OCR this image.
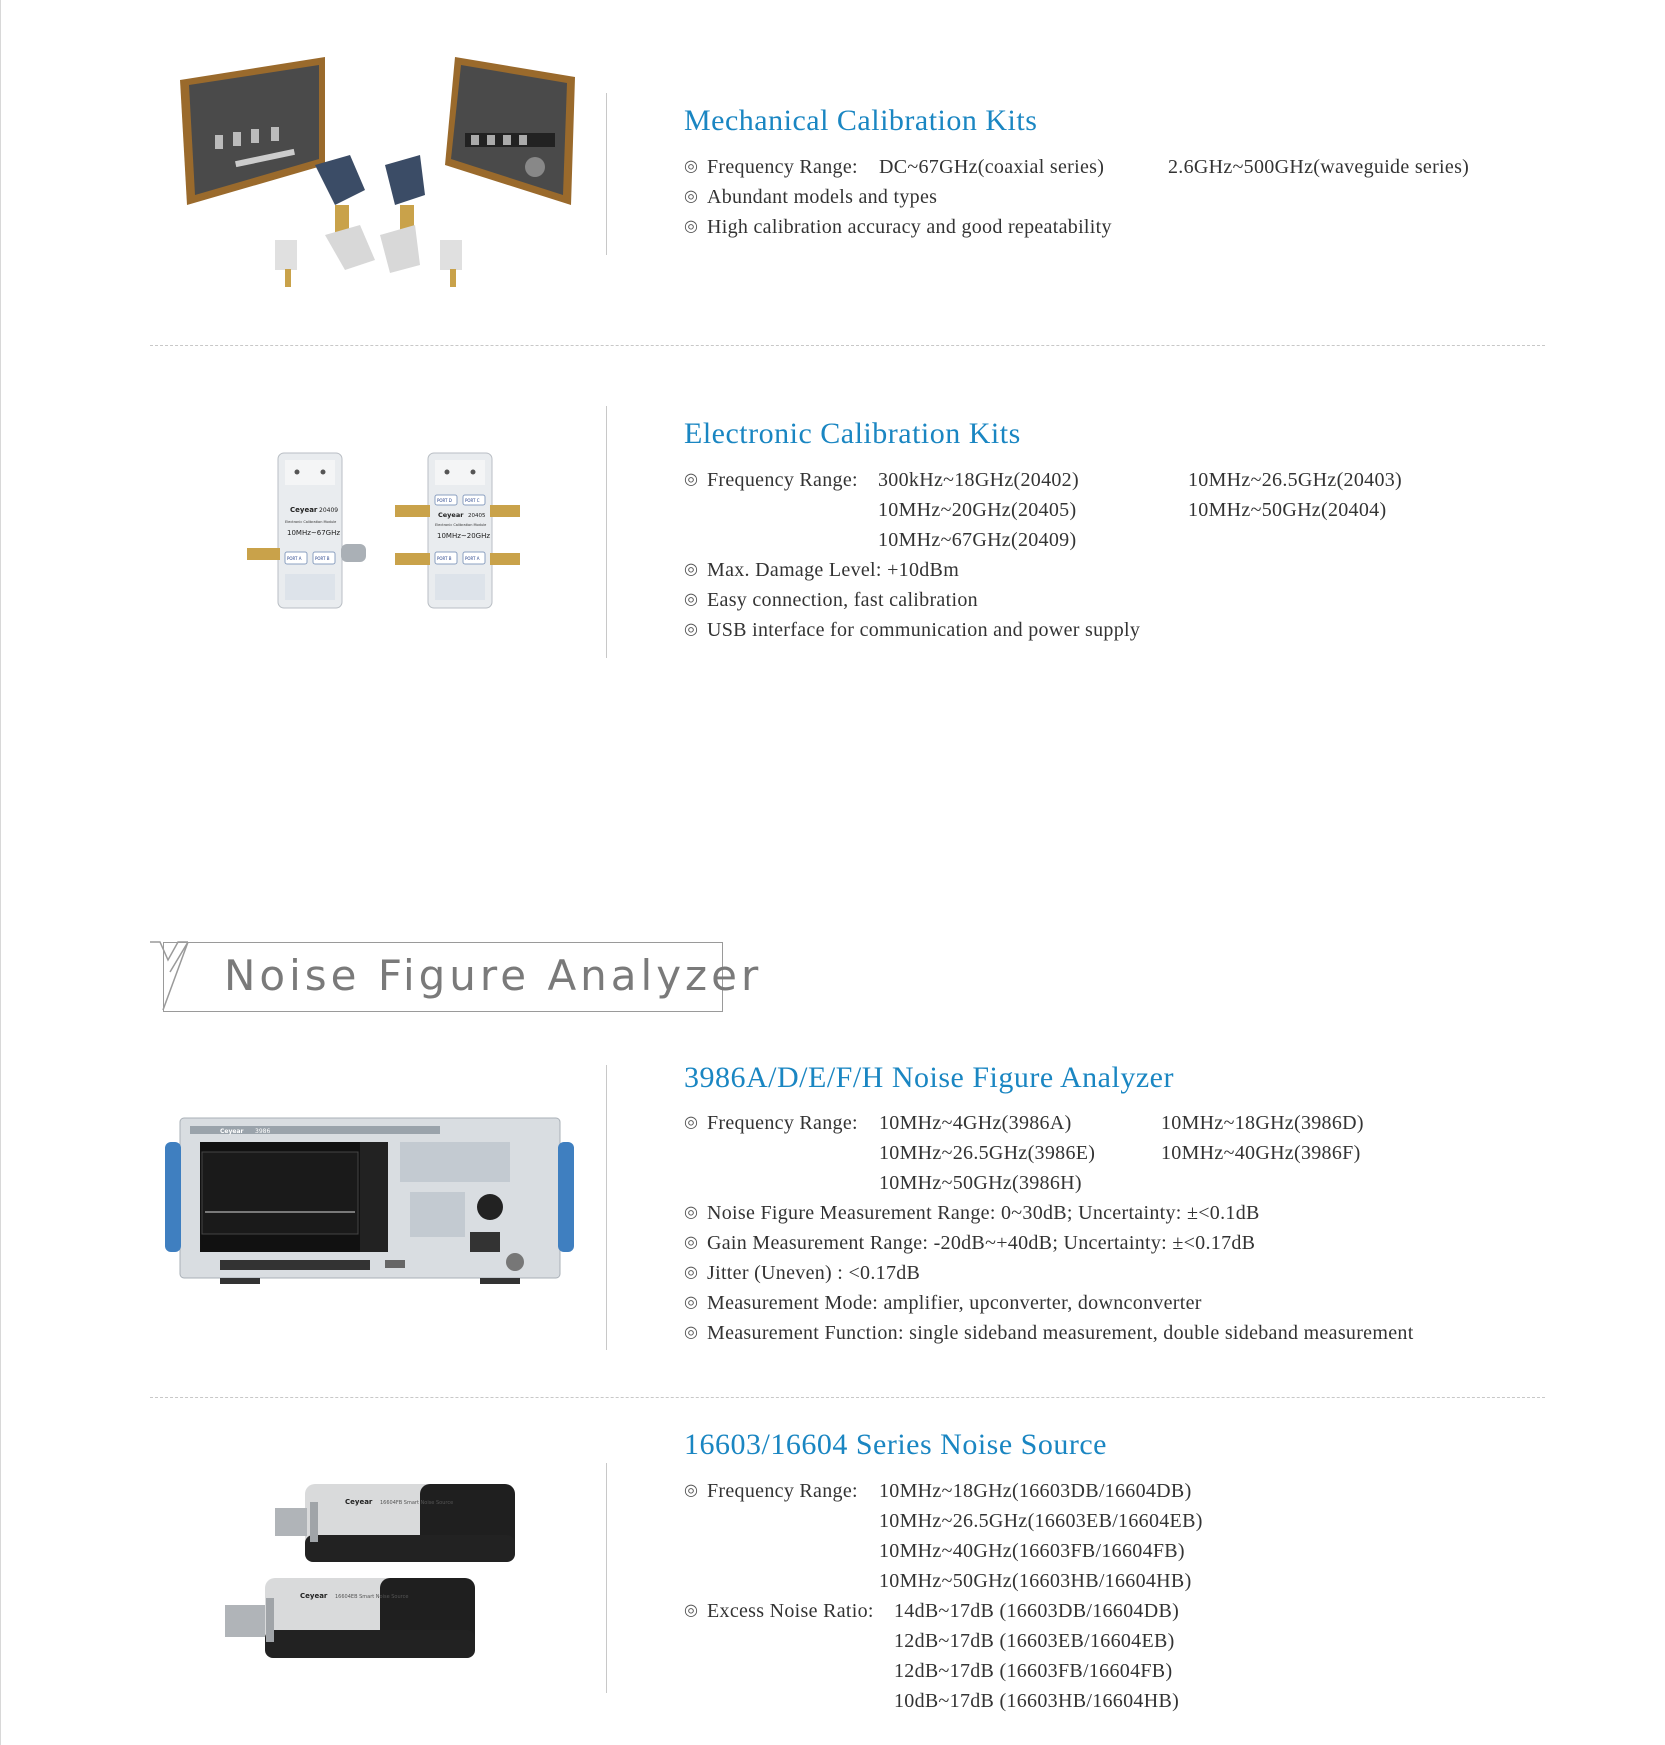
Mechanical Calibration Kits
◎ Frequency Range: DC~67GHz(coaxial series)	2.6GHz~500GHz(waveguide series)
◎ Abundant models and types
◎ High calibration accuracy and good repeatability
Ceyear 20409
Electronic Calibration Module
10MHz~67GHz
PORT A	PORT B
PORT D	PORT C
Ceyear 20405
Electronic Calibration Module
10MHz~20GHz
PORT B	PORT A
Electronic Calibration Kits
◎ Frequency Range: 300kHz~18GHz(20402)	10MHz~26.5GHz(20403)
10MHz~20GHz(20405)	10MHz~50GHz(20404)
10MHz~67GHz(20409)
◎ Max. Damage Level: +10dBm
◎ Easy connection, fast calibration
◎ USB interface for communication and power supply
Noise Figure Analyzer
Ceyear 3986
3986A/D/E/F/H Noise Figure Analyzer
◎ Frequency Range: 10MHz~4GHz(3986A)	10MHz~18GHz(3986D)
10MHz~26.5GHz(3986E)	10MHz~40GHz(3986F)
10MHz~50GHz(3986H)
◎ Noise Figure Measurement Range: 0~30dB; Uncertainty: ±<0.1dB
◎ Gain Measurement Range: -20dB~+40dB; Uncertainty: ±<0.17dB
◎ Jitter (Uneven) : <0.17dB
◎ Measurement Mode: amplifier, upconverter, downconverter
◎ Measurement Function: single sideband measurement, double sideband measurement
Ceyear 16604FB Smart Noise Source
Ceyear 16604EB Smart Noise Source
16603/16604 Series Noise Source
◎ Frequency Range: 10MHz~18GHz(16603DB/16604DB)
10MHz~26.5GHz(16603EB/16604EB)
10MHz~40GHz(16603FB/16604FB)
10MHz~50GHz(16603HB/16604HB)
◎ Excess Noise Ratio: 14dB~17dB (16603DB/16604DB)
12dB~17dB (16603EB/16604EB)
12dB~17dB (16603FB/16604FB)
10dB~17dB (16603HB/16604HB)
